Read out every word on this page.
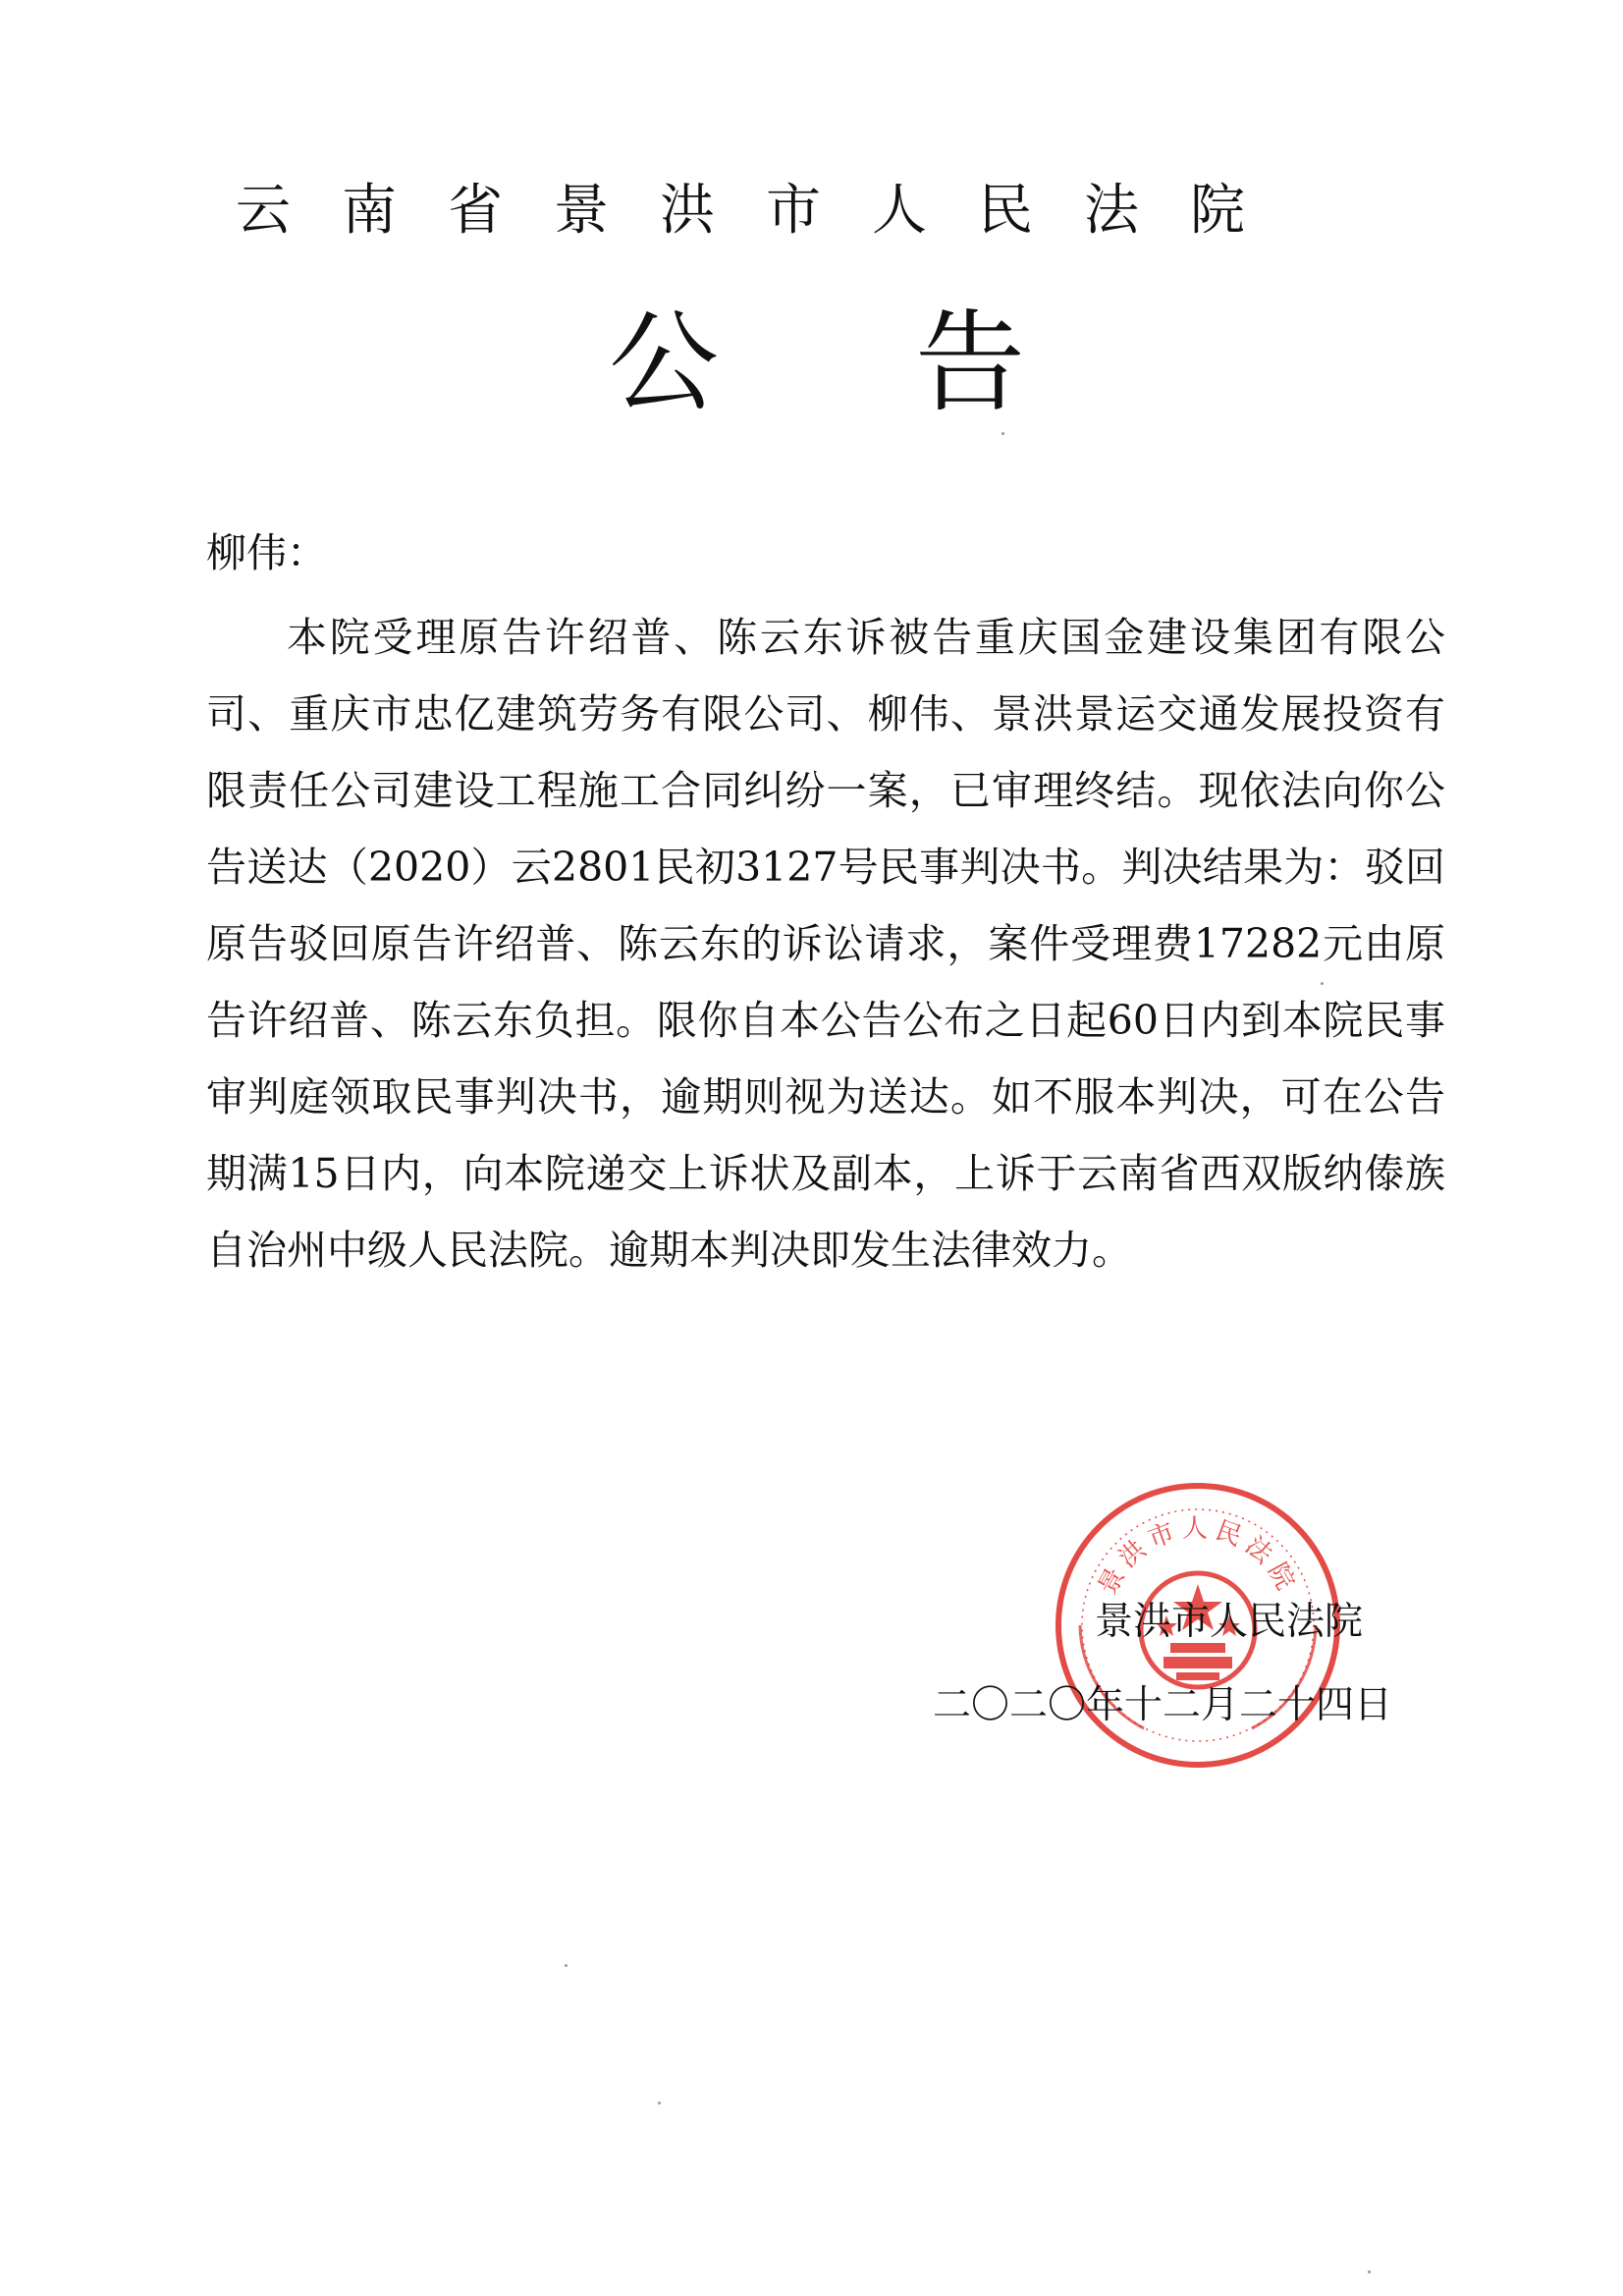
云南省景洪市人民法院
公告
柳伟：
本院受理原告许绍普、陈云东诉被告重庆国金建设集团有限公司、重庆市忠亿建筑劳务有限公司、柳伟、景洪景运交通发展投资有限责任公司建设工程施工合同纠纷一案，已审理终结。现依法向你公告送达（2020）云2801民初3127号民事判决书。判决结果为：驳回原告驳回原告许绍普、陈云东的诉讼请求，案件受理费17282元由原告许绍普、陈云东负担。限你自本公告公布之日起60日内到本院民事审判庭领取民事判决书，逾期则视为送达。如不服本判决，可在公告期满15日内，向本院递交上诉状及副本，上诉于云南省西双版纳傣族自治州中级人民法院。逾期本判决即发生法律效力。
景洪市人民法院
景洪市人民法院
二〇二〇年十二月二十四日
